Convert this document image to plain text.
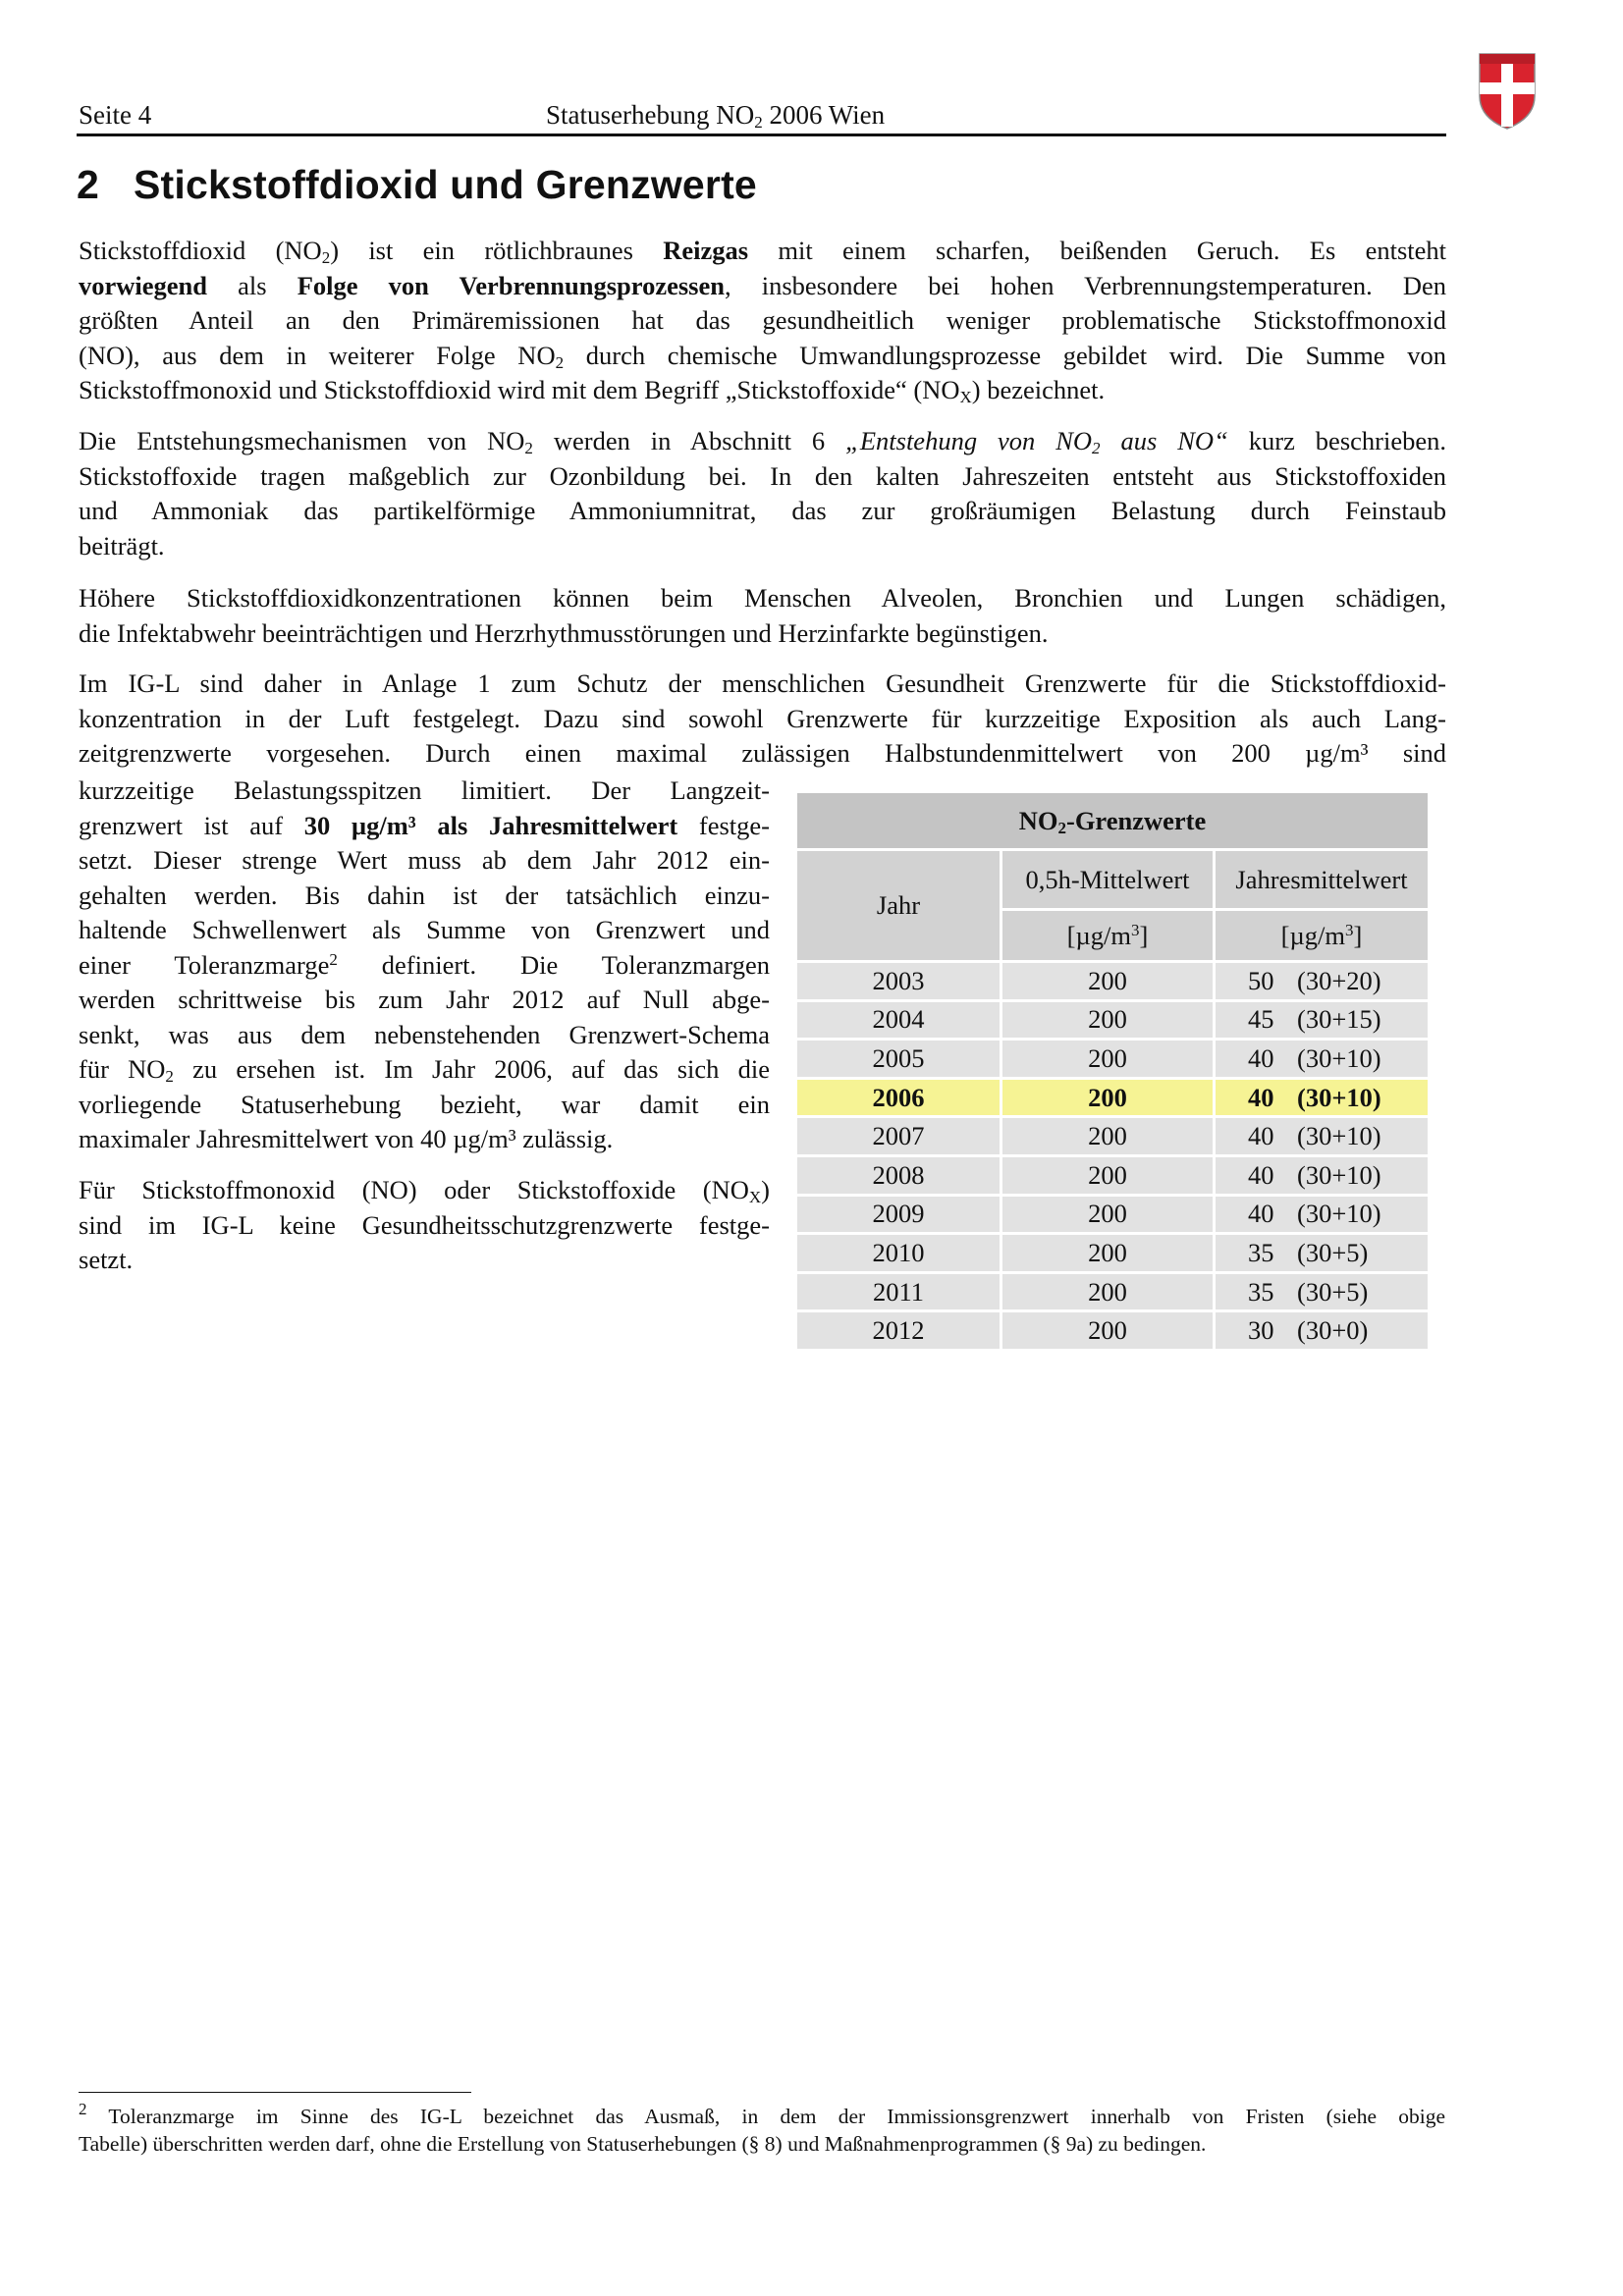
Seite 4	Statuserhebung $NO_2$ 2006 Wien
2 Stickstoffdioxid und Grenzwerte

Stickstoffdioxid $(NO_2)$ ist ein rötlichbraunes Reizgas mit einem scharfen, beißenden Geruch. Es entsteht
vorwiegend als Folge von Verbrennungsprozessen, insbesondere bei hohen Verbrennungstemperaturen. Den
größten Anteil an den Primäremissionen hat das gesundheitlich weniger problematische Stickstoffmonoxid
(NO), aus dem in weiterer Folge $NO_2$ durch chemische Umwandlungsprozesse gebildet wird. Die Summe von
Stickstoffmonoxid und Stickstoffdioxid wird mit dem Begriff „Stickstoffoxide“ $(NO_X)$ bezeichnet.

Die Entstehungsmechanismen von $NO_2$ werden in Abschnitt 6 „Entstehung von $NO_2$ aus NO“ kurz beschrieben.
Stickstoffoxide tragen maßgeblich zur Ozonbildung bei. In den kalten Jahreszeiten entsteht aus Stickstoffoxiden
und Ammoniak das partikelförmige Ammoniumnitrat, das zur großräumigen Belastung durch Feinstaub
beiträgt.

Höhere Stickstoffdioxidkonzentrationen können beim Menschen Alveolen, Bronchien und Lungen schädigen,
die Infektabwehr beeinträchtigen und Herzrhythmusstörungen und Herzinfarkte begünstigen.

Im IG-L sind daher in Anlage 1 zum Schutz der menschlichen Gesundheit Grenzwerte für die Stickstoffdioxid-
konzentration in der Luft festgelegt. Dazu sind sowohl Grenzwerte für kurzzeitige Exposition als auch Lang-
zeitgrenzwerte vorgesehen. Durch einen maximal zulässigen Halbstundenmittelwert von 200 µg/m³ sind

kurzzeitige Belastungsspitzen limitiert. Der Langzeit-
grenzwert ist auf 30 µg/m³ als Jahresmittelwert festge-
setzt. Dieser strenge Wert muss ab dem Jahr 2012 ein-
gehalten werden. Bis dahin ist der tatsächlich einzu-
haltende Schwellenwert als Summe von Grenzwert und
einer Toleranzmarge$^2$ definiert. Die Toleranzmargen
werden schrittweise bis zum Jahr 2012 auf Null abge-
senkt, was aus dem nebenstehenden Grenzwert-Schema
für $NO_2$ zu ersehen ist. Im Jahr 2006, auf das sich die
vorliegende Statuserhebung bezieht, war damit ein
maximaler Jahresmittelwert von 40 µg/m³ zulässig.

Für Stickstoffmonoxid (NO) oder Stickstoffoxide $(NO_X)$
sind im IG-L keine Gesundheitsschutzgrenzwerte festge-
setzt.

$NO_2$-Grenzwerte		
Jahr	0,5h-Mittelwert	Jahresmittelwert
	$[\mu g/m^3]$	$[\mu g/m^3]$
2003	200	50 (30+20)
2004	200	45 (30+15)
2005	200	40 (30+10)
2006	200	40 (30+10)
2007	200	40 (30+10)
2008	200	40 (30+10)
2009	200	40 (30+10)
2010	200	35 (30+5)
2011	200	35 (30+5)
2012	200	30 (30+0)

$^2$ Toleranzmarge im Sinne des IG-L bezeichnet das Ausmaß, in dem der Immissionsgrenzwert innerhalb von Fristen (siehe obige
Tabelle) überschritten werden darf, ohne die Erstellung von Statuserhebungen (§ 8) und Maßnahmenprogrammen (§ 9a) zu bedingen.
